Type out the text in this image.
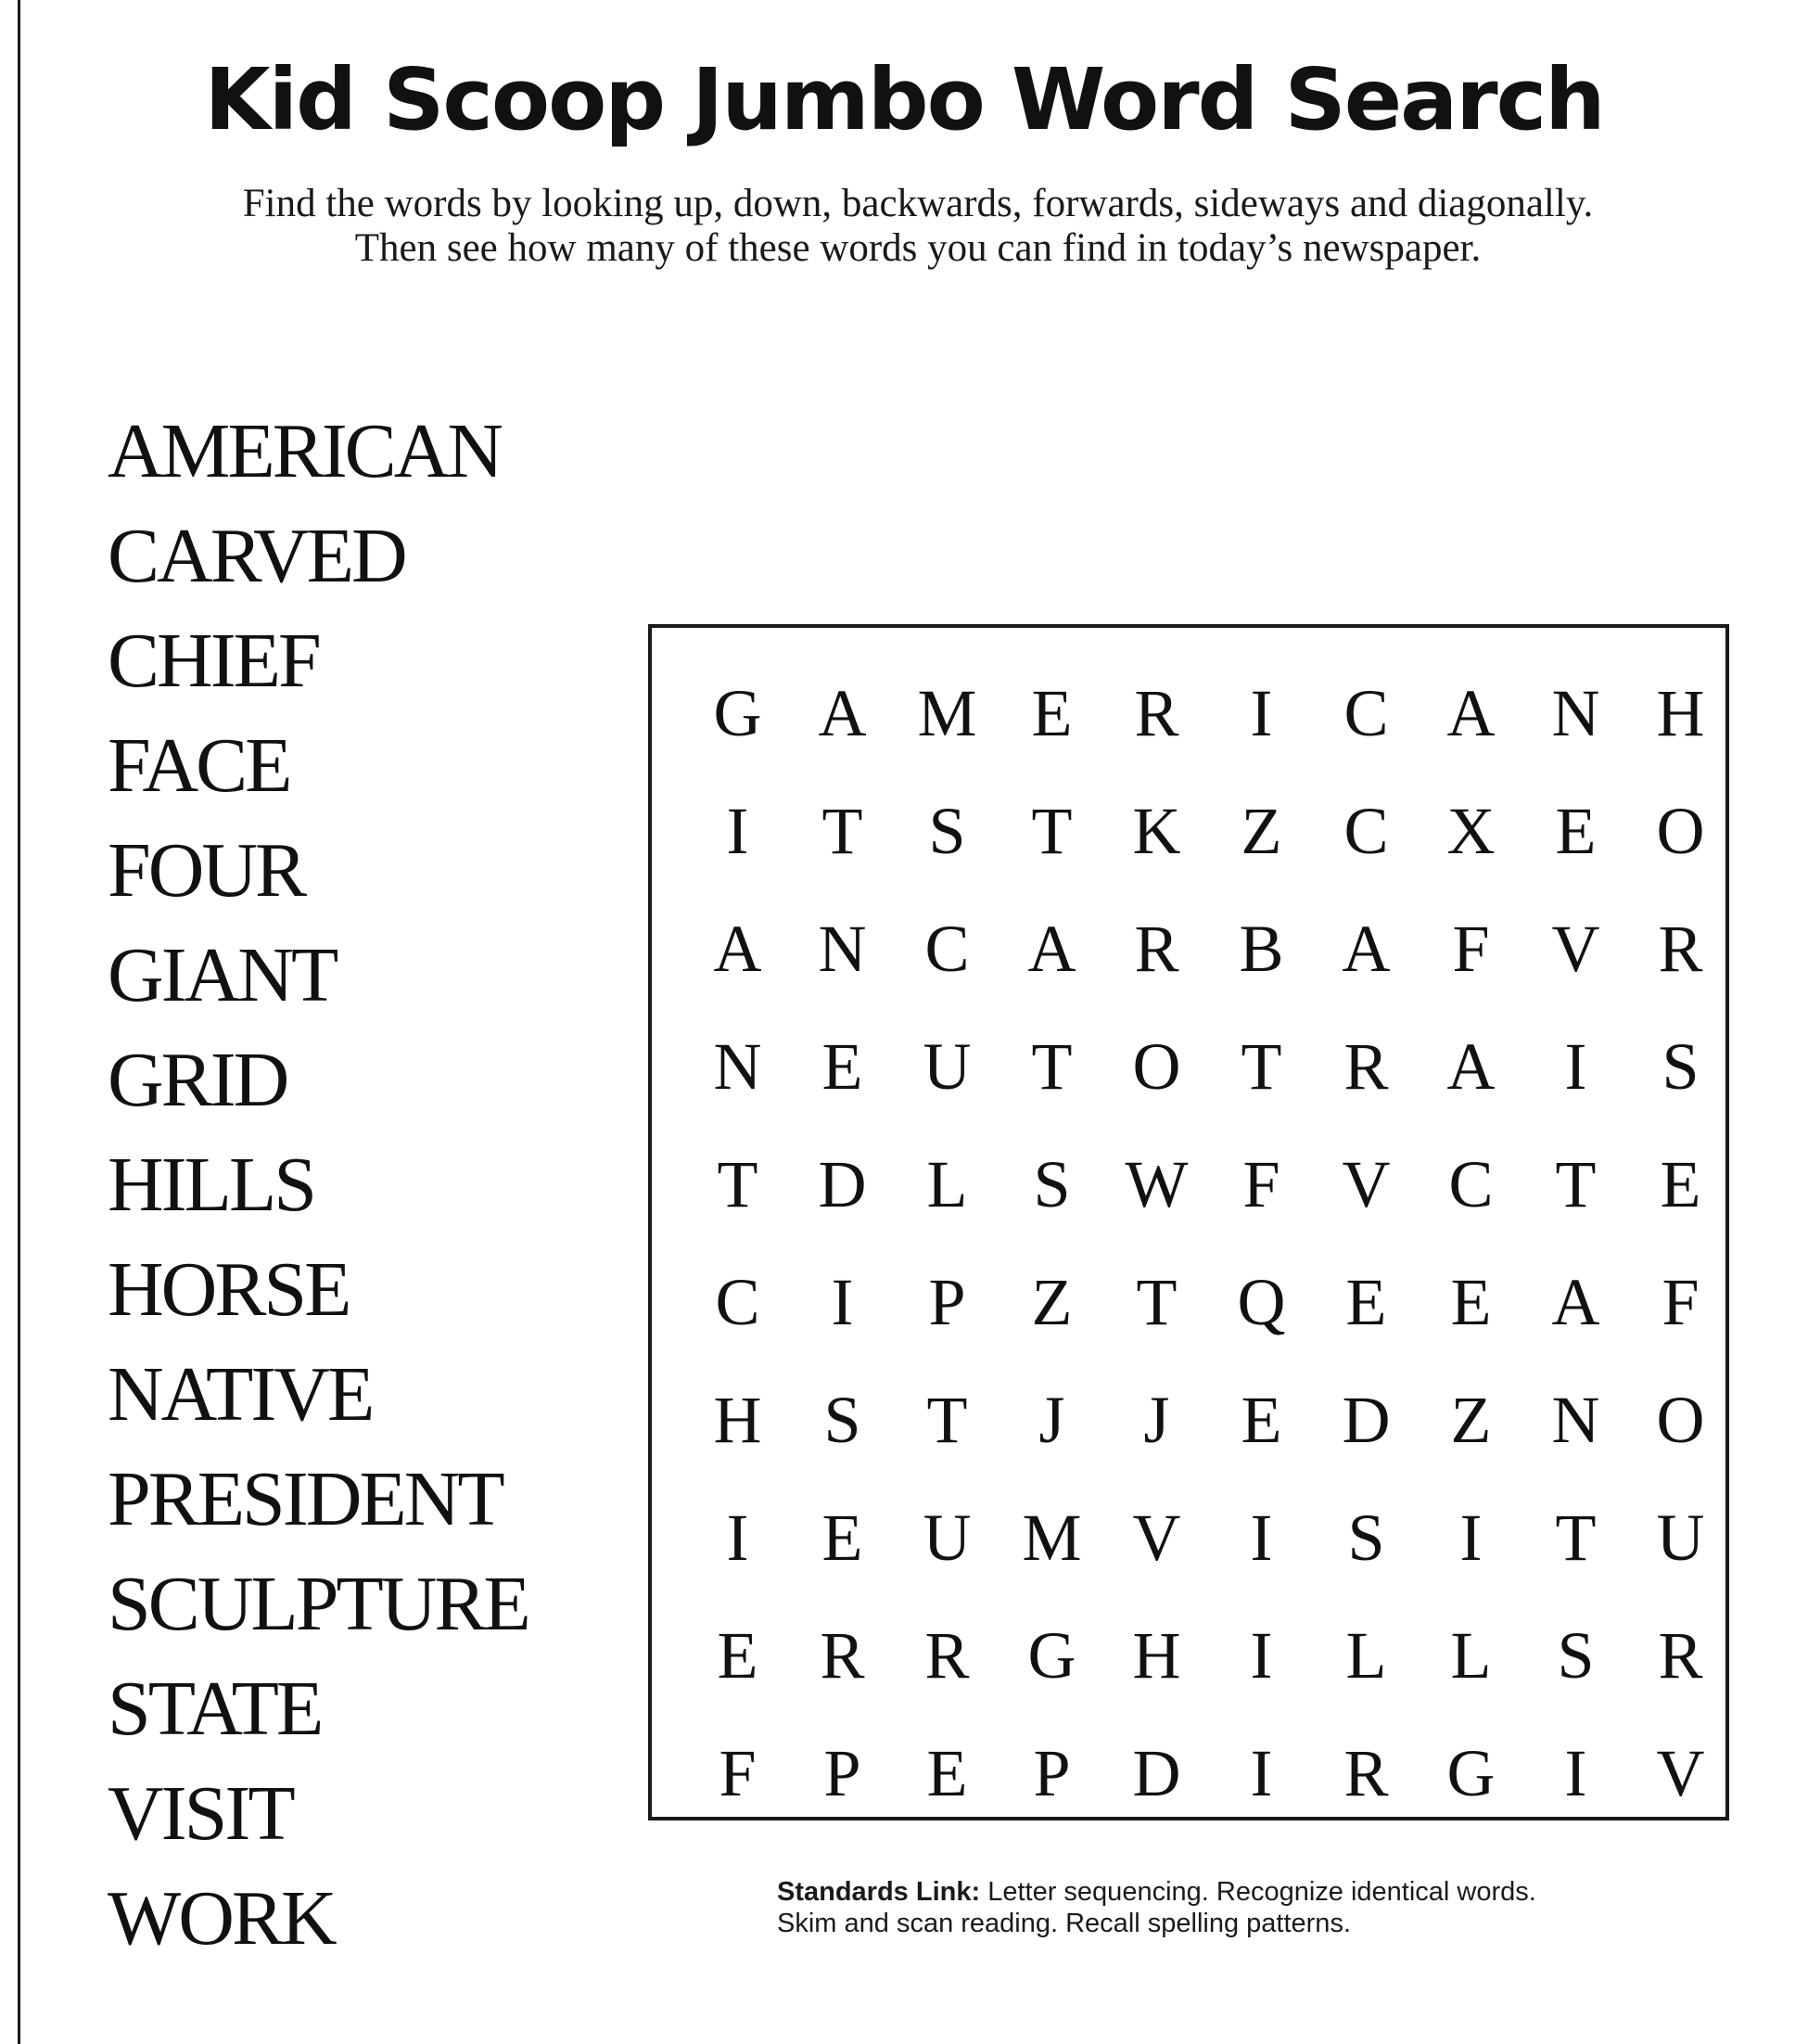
Kid Scoop Jumbo Word Search
Find the words by looking up, down, backwards, forwards, sideways and diagonally.
Then see how many of these words you can find in today’s newspaper.
AMERICAN
CARVED
CHIEF
FACE
FOUR
GIANT
GRID
HILLS
HORSE
NATIVE
PRESIDENT
SCULPTURE
STATE
VISIT
WORK
G A M E R	I	C A N H
I	T S T K Z C X E O
A N C A R B A F V R
N E U T O T R A	I	S
T D L S W F V C T E
C	I	P Z T Q E E A F
H S T	J	J	E D Z N O
I	E U M V	I	S	I	T U
E R R G H	I	L L S R
F	P E P D	I	R G	I	V
Standards Link: Letter sequencing. Recognize identical words.
Skim and scan reading. Recall spelling patterns.
